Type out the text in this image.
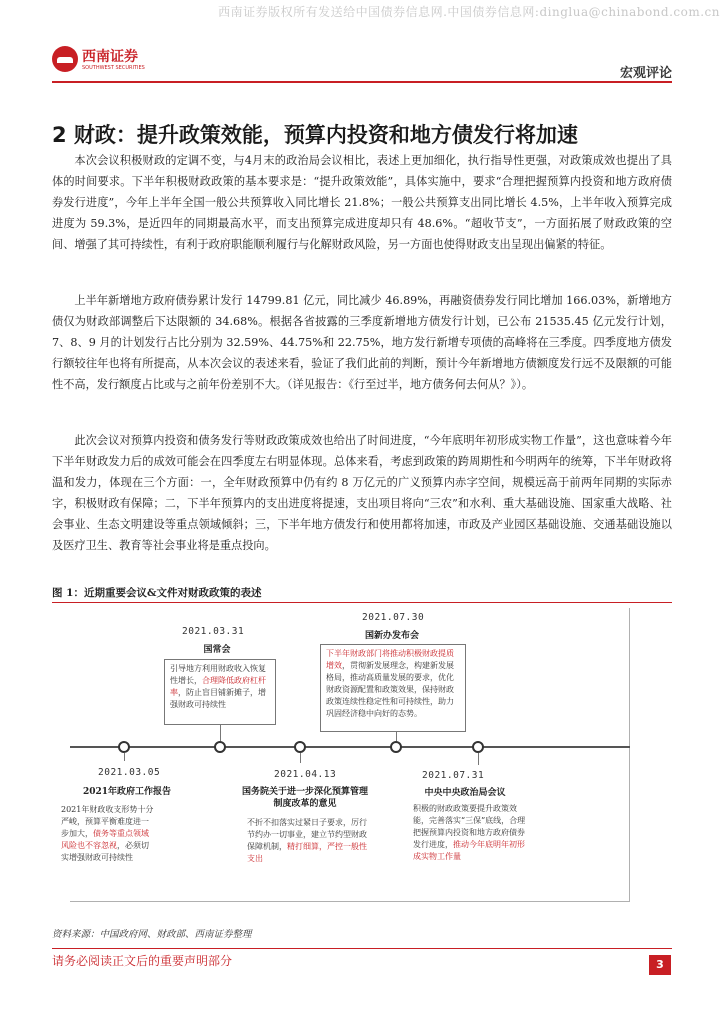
西南证券版权所有发送给中国债券信息网.中国债券信息网:dinglua@chinabond.com.cn
西南证券
SOUTHWEST SECURITIES	宏观评论
2 财政：提升政策效能，预算内投资和地方债发行将加速

本次会议积极财政的定调不变，与4月末的政治局会议相比，表述上更加细化，执行指导性更强，对政策成效也提出了具体的时间要求。下半年积极财政政策的基本要求是：“提升政策效能”，具体实施中，要求“合理把握预算内投资和地方政府债券发行进度”，今年上半年全国一般公共预算收入同比增长 21.8%；一般公共预算支出同比增长 4.5%，上半年收入预算完成进度为 59.3%，是近四年的同期最高水平，而支出预算完成进度却只有 48.6%。“超收节支”，一方面拓展了财政政策的空间、增强了其可持续性，有利于政府职能顺利履行与化解财政风险，另一方面也使得财政支出呈现出偏紧的特征。

上半年新增地方政府债券累计发行 14799.81 亿元，同比减少 46.89%，再融资债券发行同比增加 166.03%，新增地方债仅为财政部调整后下达限额的 34.68%。根据各省披露的三季度新增地方债发行计划，已公布 21535.45 亿元发行计划，7、8、9 月的计划发行占比分别为 32.59%、44.75%和 22.75%，地方发行新增专项债的高峰将在三季度。四季度地方债发行额较往年也将有所提高，从本次会议的表述来看，验证了我们此前的判断，预计今年新增地方债额度发行远不及限额的可能性不高，发行额度占比或与之前年份差别不大。（详见报告：《行至过半，地方债务何去何从？》）。

此次会议对预算内投资和债务发行等财政政策成效也给出了时间进度，“今年底明年初形成实物工作量”，这也意味着今年下半年财政发力后的成效可能会在四季度左右明显体现。总体来看，考虑到政策的跨周期性和今明两年的统筹，下半年财政将温和发力，体现在三个方面：一，全年财政预算中仍有约 8 万亿元的广义预算内赤字空间，规模远高于前两年同期的实际赤字，积极财政有保障；二，下半年预算内的支出进度将提速，支出项目将向“三农”和水利、重大基础设施、国家重大战略、社会事业、生态文明建设等重点领域倾斜；三，下半年地方债发行和使用都将加速，市政及产业园区基础设施、交通基础设施以及医疗卫生、教育等社会事业将是重点投向。

图 1：近期重要会议&文件对财政政策的表述
2021.03.31
国常会
引导地方利用财政收入恢复性增长，合理降低政府杠杆率，防止盲目铺新摊子，增强财政可持续性
2021.07.30
国新办发布会
下半年财政部门将推动积极财政提质增效，贯彻新发展理念，构建新发展格局，推动高质量发展的要求，优化财政资源配置和政策效果，保持财政政策连续性稳定性和可持续性，助力巩固经济稳中向好的态势。
2021.03.05
2021年政府工作报告
2021年财政收支形势十分严峻，预算平衡难度进一步加大，债务等重点领域风险也不容忽视，必须切实增强财政可持续性
2021.04.13
国务院关于进一步深化预算管理制度改革的意见
不折不扣落实过紧日子要求，厉行节约办一切事业，建立节约型财政保障机制，精打细算，严控一般性支出
2021.07.31
中央中央政治局会议
积极的财政政策要提升政策效能，完善落实“三保”底线，合理把握预算内投资和地方政府债券发行进度，推动今年底明年初形成实物工作量
资料来源：中国政府网、财政部、西南证券整理
请务必阅读正文后的重要声明部分	3
